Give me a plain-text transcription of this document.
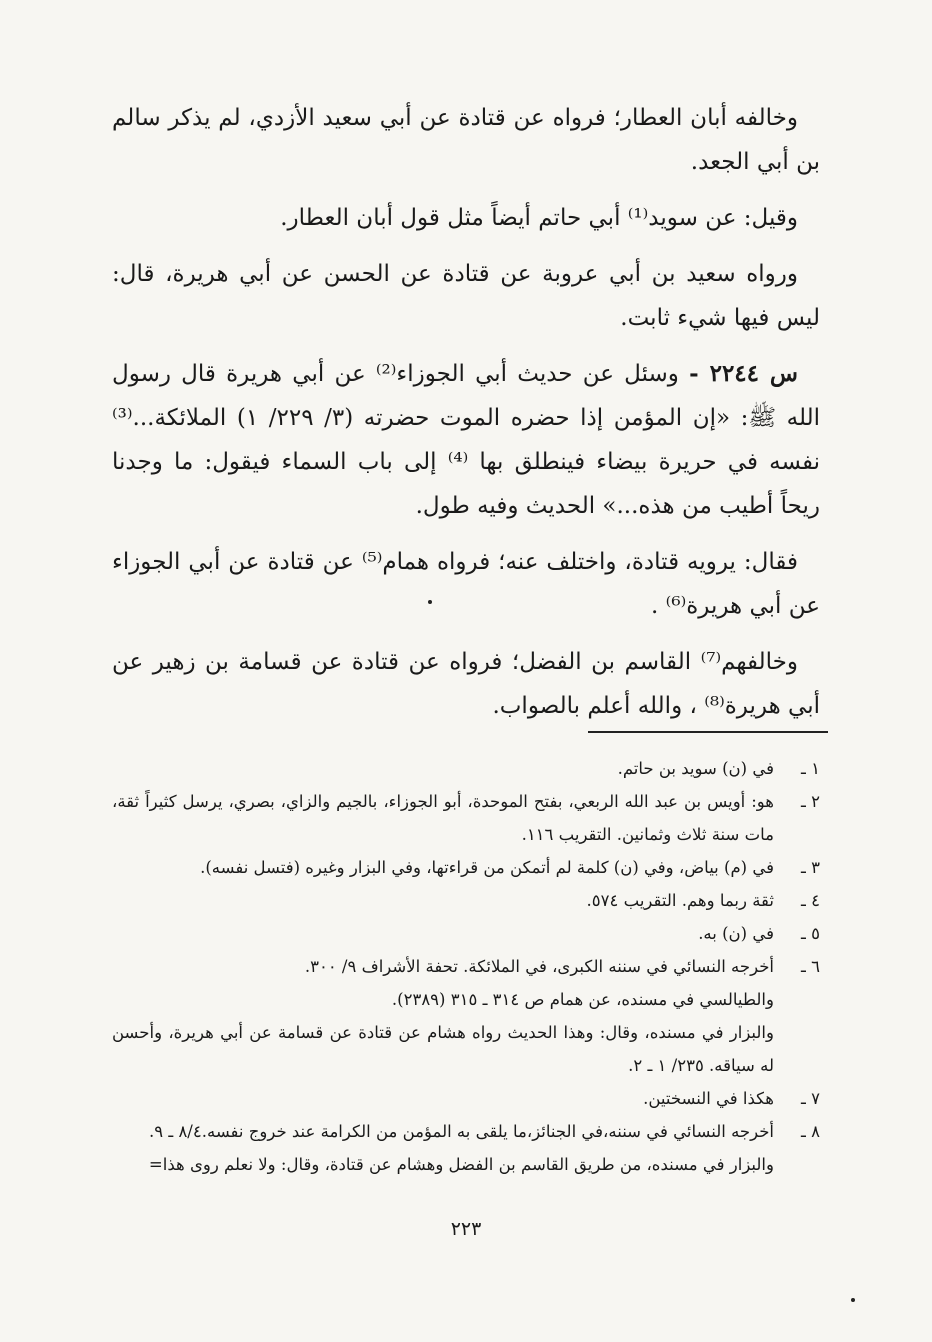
وخالفه أبان العطار؛ فرواه عن قتادة عن أبي سعيد الأزدي، لم يذكر سالم بن أبي الجعد.

وقيل: عن سويد⁽¹⁾ أبي حاتم أيضاً مثل قول أبان العطار.

ورواه سعيد بن أبي عروبة عن قتادة عن الحسن عن أبي هريرة، قال: ليس فيها شيء ثابت.

س ٢٢٤٤ - وسئل عن حديث أبي الجوزاء⁽²⁾ عن أبي هريرة قال رسول الله ﷺ: «إن المؤمن إذا حضره الموت حضرته (٣/ ٢٢٩/ ١) الملائكة...⁽³⁾ نفسه في حريرة بيضاء فينطلق بها ⁽⁴⁾ إلى باب السماء فيقول: ما وجدنا ريحاً أطيب من هذه...» الحديث وفيه طول.

فقال: يرويه قتادة، واختلف عنه؛ فرواه همام⁽⁵⁾ عن قتادة عن أبي الجوزاء عن أبي هريرة⁽⁶⁾ .

وخالفهم⁽⁷⁾ القاسم بن الفضل؛ فرواه عن قتادة عن قسامة بن زهير عن أبي هريرة⁽⁸⁾ ، والله أعلم بالصواب.

١ ـ
في (ن) سويد بن حاتم.
٢ ـ
هو: أويس بن عبد الله الربعي، بفتح الموحدة، أبو الجوزاء، بالجيم والزاي، بصري، يرسل كثيراً ثقة، مات سنة ثلاث وثمانين. التقريب ١١٦.
٣ ـ
في (م) بياض، وفي (ن) كلمة لم أتمكن من قراءتها، وفي البزار وغيره (فتسل نفسه).
٤ ـ
ثقة ربما وهم. التقريب ٥٧٤.
٥ ـ
في (ن) به.
٦ ـ
أخرجه النسائي في سننه الكبرى، في الملائكة. تحفة الأشراف ٩/ ٣٠٠.
والطيالسي في مسنده، عن همام ص ٣١٤ ـ ٣١٥ (٢٣٨٩).
والبزار في مسنده، وقال: وهذا الحديث رواه هشام عن قتادة عن قسامة عن أبي هريرة، وأحسن له سياقه. ٢٣٥/ ١ ـ ٢.
٧ ـ
هكذا في النسختين.
٨ ـ
أخرجه النسائي في سننه،في الجنائز،ما يلقى به المؤمن من الكرامة عند خروج نفسه.٨/٤ ـ ٩.
والبزار في مسنده، من طريق القاسم بن الفضل وهشام عن قتادة، وقال: ولا نعلم روى هذا=
٢٢٣
